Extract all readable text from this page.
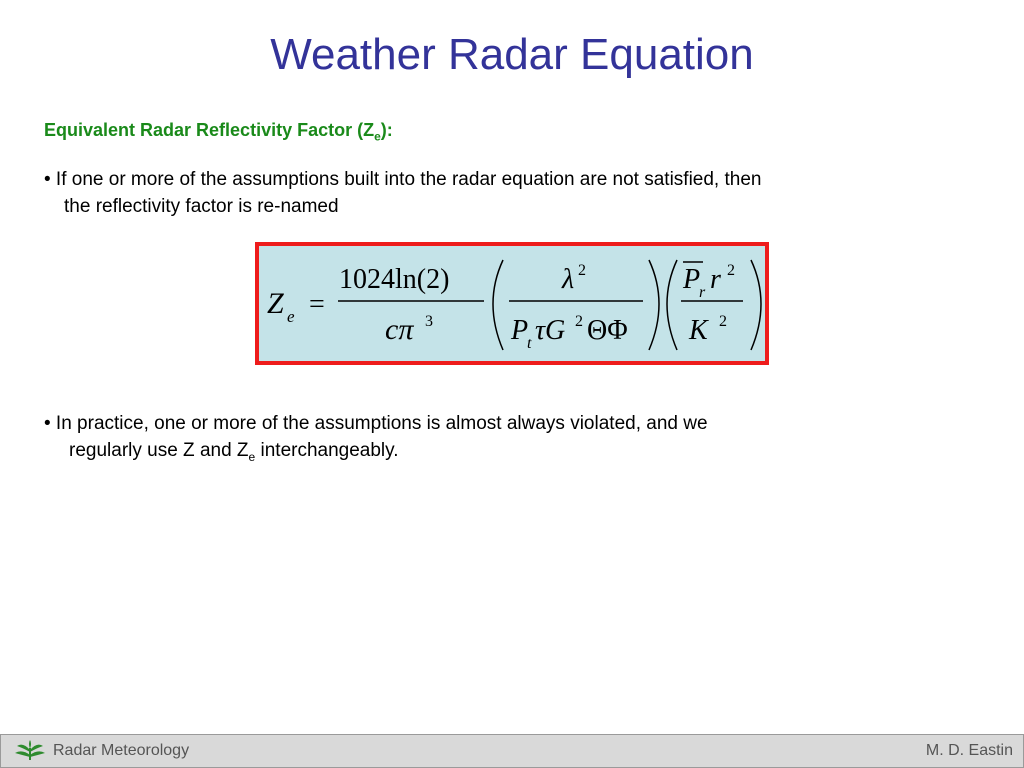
Weather Radar Equation
Equivalent Radar Reflectivity Factor $(Z_e)$:
• If one or more of the assumptions built into the radar equation are not satisfied, then
the reflectivity factor is re-named
Z e =
1024ln(2)
cπ 3
λ 2
P
t τG 2 ΘΦ
P
r r 2
K 2
• In practice, one or more of the assumptions is almost always violated, and we
regularly use Z and $Z_e$ interchangeably.
Radar Meteorology	M. D. Eastin
